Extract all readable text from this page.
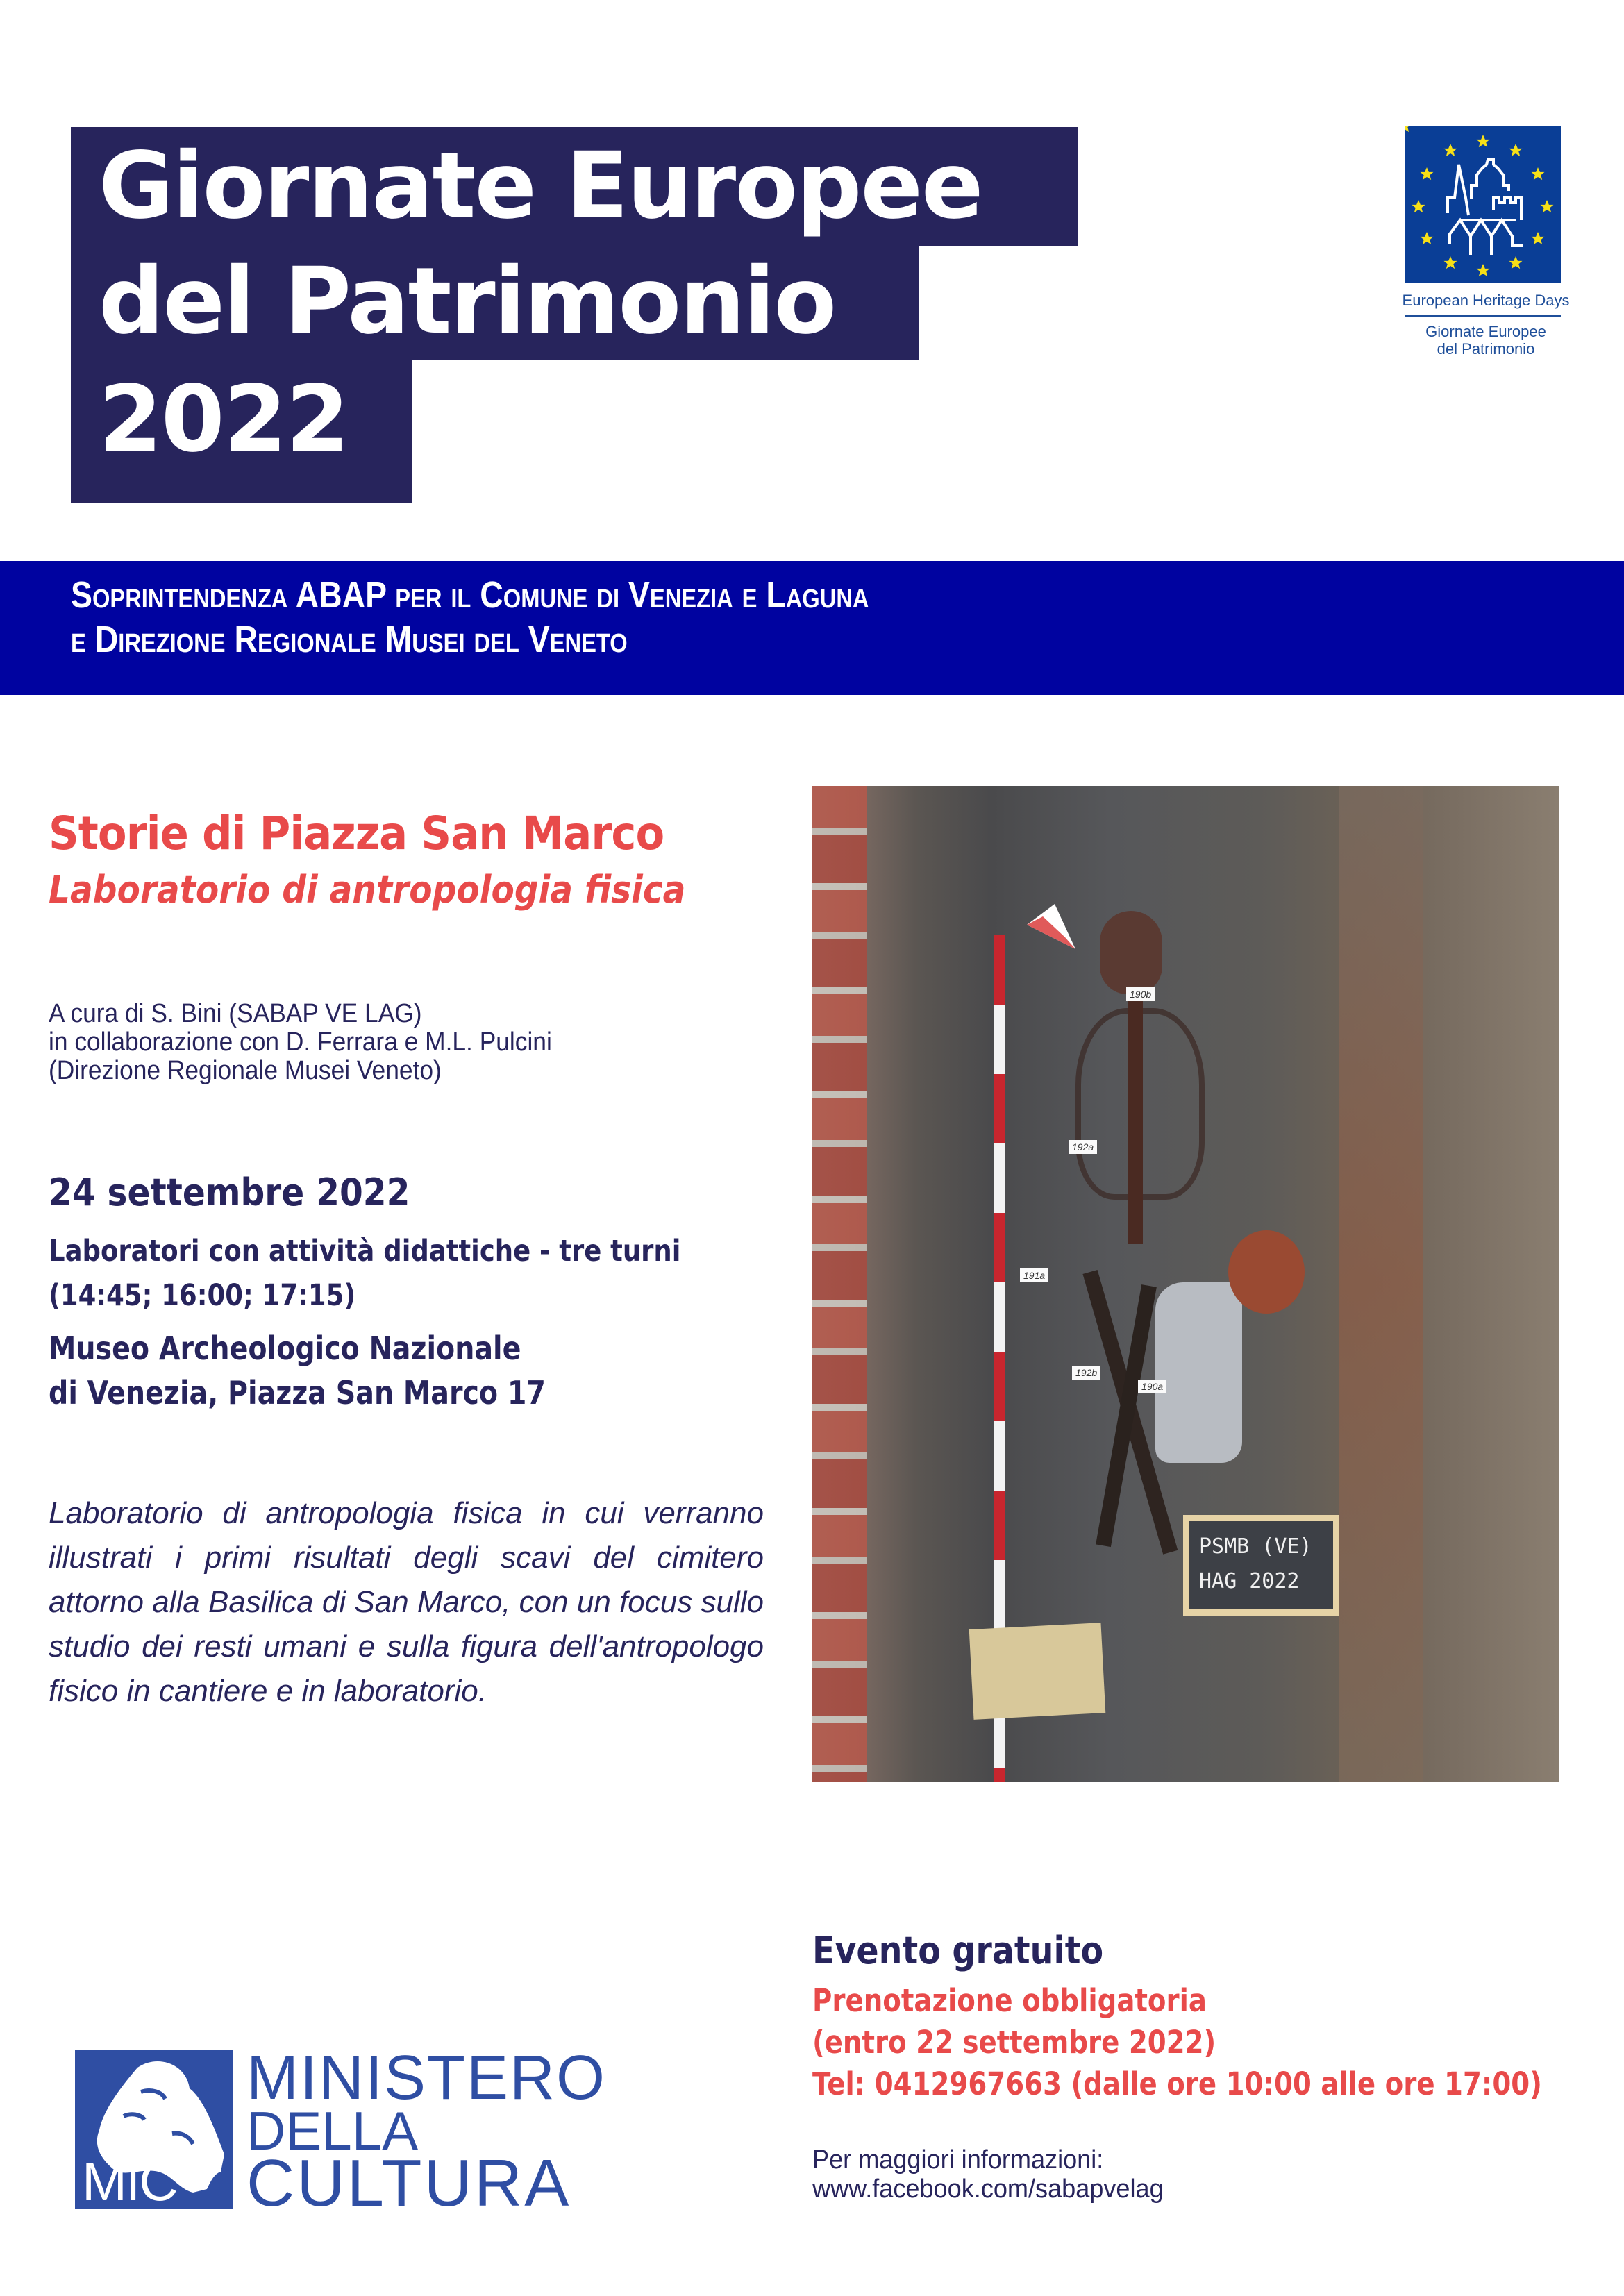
Giornate Europee
del Patrimonio
2022
European Heritage Days
Giornate Europee
del Patrimonio
Soprintendenza ABAP per il Comune di Venezia e Laguna
e Direzione Regionale Musei del Veneto
Storie di Piazza San Marco
Laboratorio di antropologia fisica
A cura di S. Bini (SABAP VE LAG)
in collaborazione con D. Ferrara e M.L. Pulcini
(Direzione Regionale Musei Veneto)
24 settembre 2022
Laboratori con attività didattiche - tre turni
(14:45; 16:00; 17:15)
Museo Archeologico Nazionale
di Venezia, Piazza San Marco 17
Laboratorio di antropologia fisica in cui verranno illustrati i primi risultati degli scavi del cimitero attorno alla Basilica di San Marco, con un focus sullo studio dei resti umani e sulla figura dell'antropologo fisico in cantiere e in laboratorio.
190b
192a
191a
192b
190a
PSMB (VE)
HAG 2022
Evento gratuito
Prenotazione obbligatoria
(entro 22 settembre 2022)
Tel: 0412967663 (dalle ore 10:00 alle ore 17:00)
Per maggiori informazioni:
www.facebook.com/sabapvelag
MiC
MINISTERO
DELLA
CULTURA
